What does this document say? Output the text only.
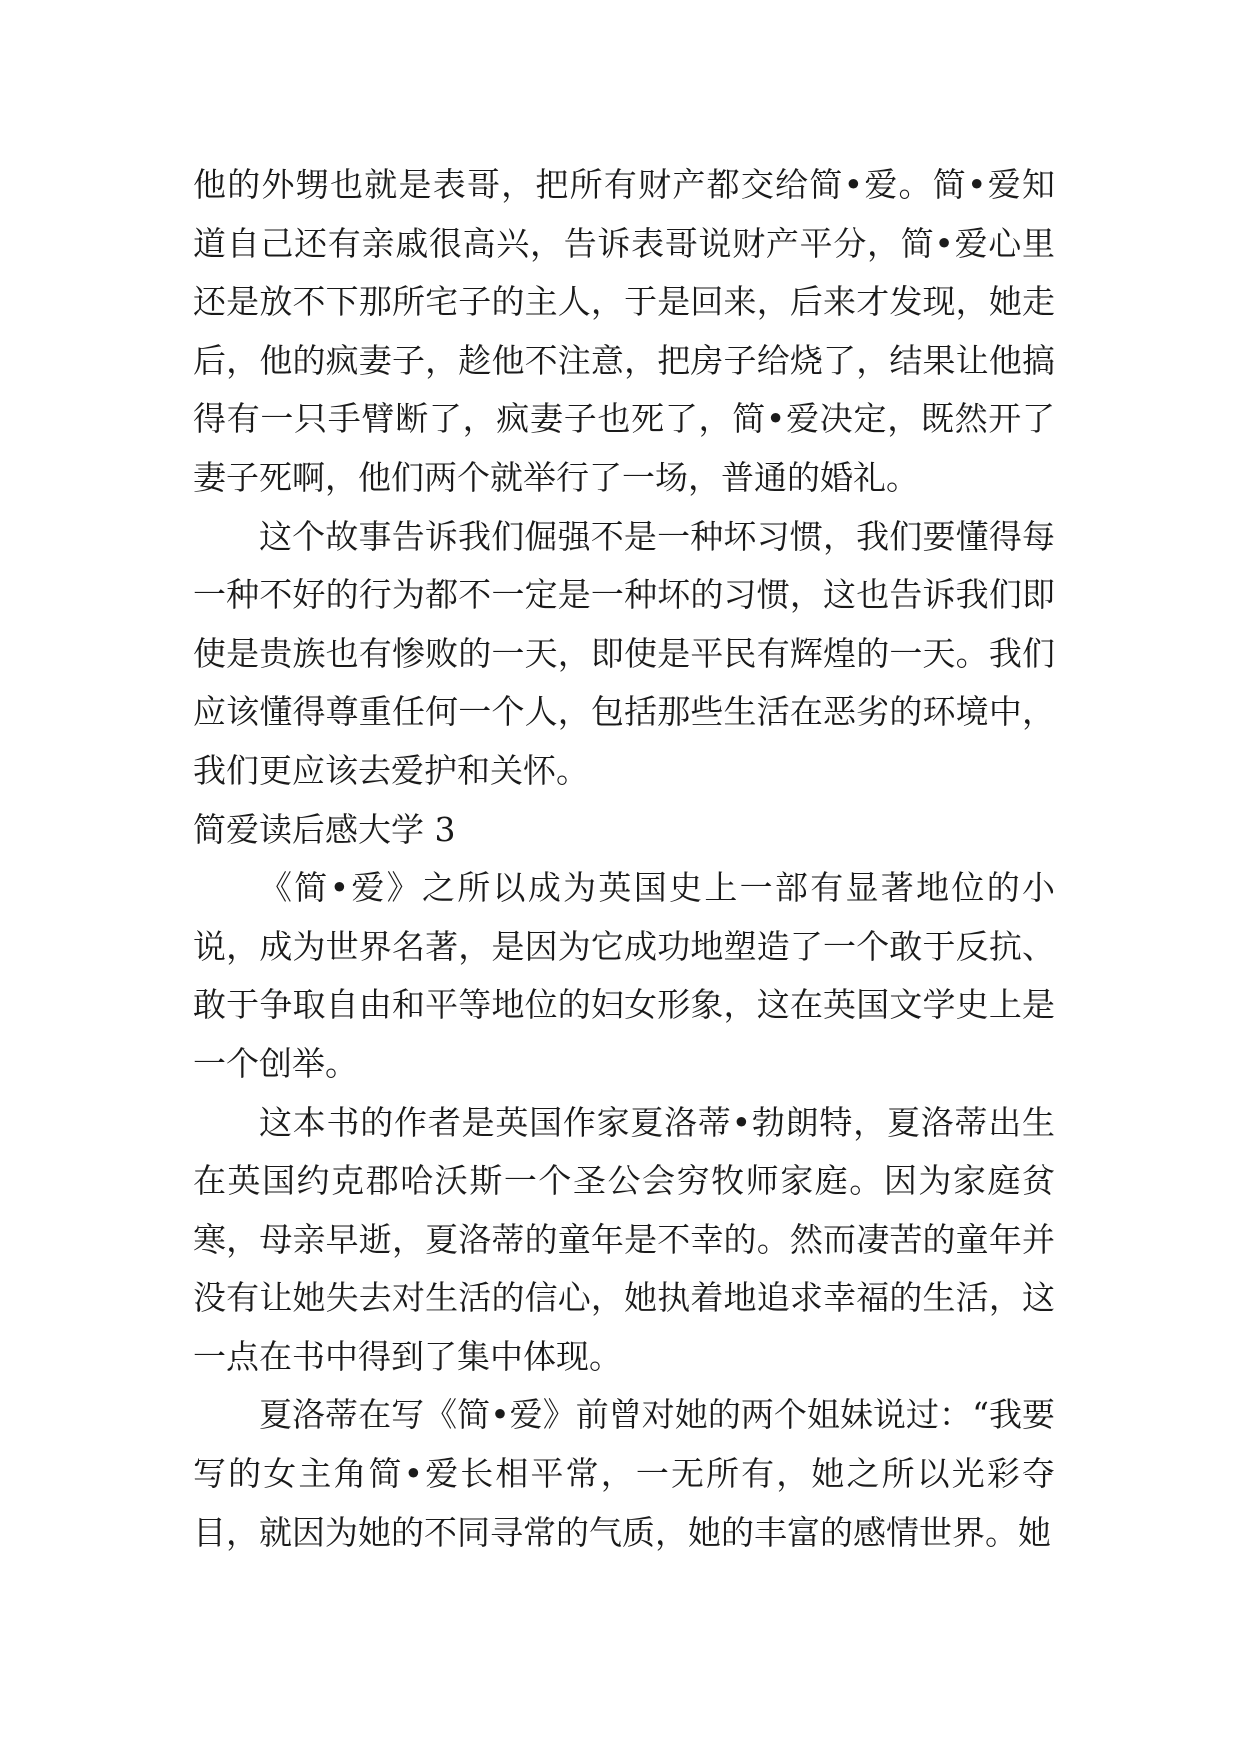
他的外甥也就是表哥，把所有财产都交给简•爱。简•爱知道自己还有亲戚很高兴，告诉表哥说财产平分，简•爱心里还是放不下那所宅子的主人，于是回来，后来才发现，她走后，他的疯妻子，趁他不注意，把房子给烧了，结果让他搞得有一只手臂断了，疯妻子也死了，简•爱决定，既然开了妻子死啊，他们两个就举行了一场，普通的婚礼。

这个故事告诉我们倔强不是一种坏习惯，我们要懂得每一种不好的行为都不一定是一种坏的习惯，这也告诉我们即使是贵族也有惨败的一天，即使是平民有辉煌的一天。我们应该懂得尊重任何一个人，包括那些生活在恶劣的环境中，我们更应该去爱护和关怀。

简爱读后感大学 3

《简•爱》之所以成为英国史上一部有显著地位的小说，成为世界名著，是因为它成功地塑造了一个敢于反抗、敢于争取自由和平等地位的妇女形象，这在英国文学史上是一个创举。

这本书的作者是英国作家夏洛蒂•勃朗特，夏洛蒂出生在英国约克郡哈沃斯一个圣公会穷牧师家庭。因为家庭贫寒，母亲早逝，夏洛蒂的童年是不幸的。然而凄苦的童年并没有让她失去对生活的信心，她执着地追求幸福的生活，这一点在书中得到了集中体现。

夏洛蒂在写《简•爱》前曾对她的两个姐妹说过：“我要写的女主角简•爱长相平常，一无所有，她之所以光彩夺目，就因为她的不同寻常的气质，她的丰富的感情世界。她
